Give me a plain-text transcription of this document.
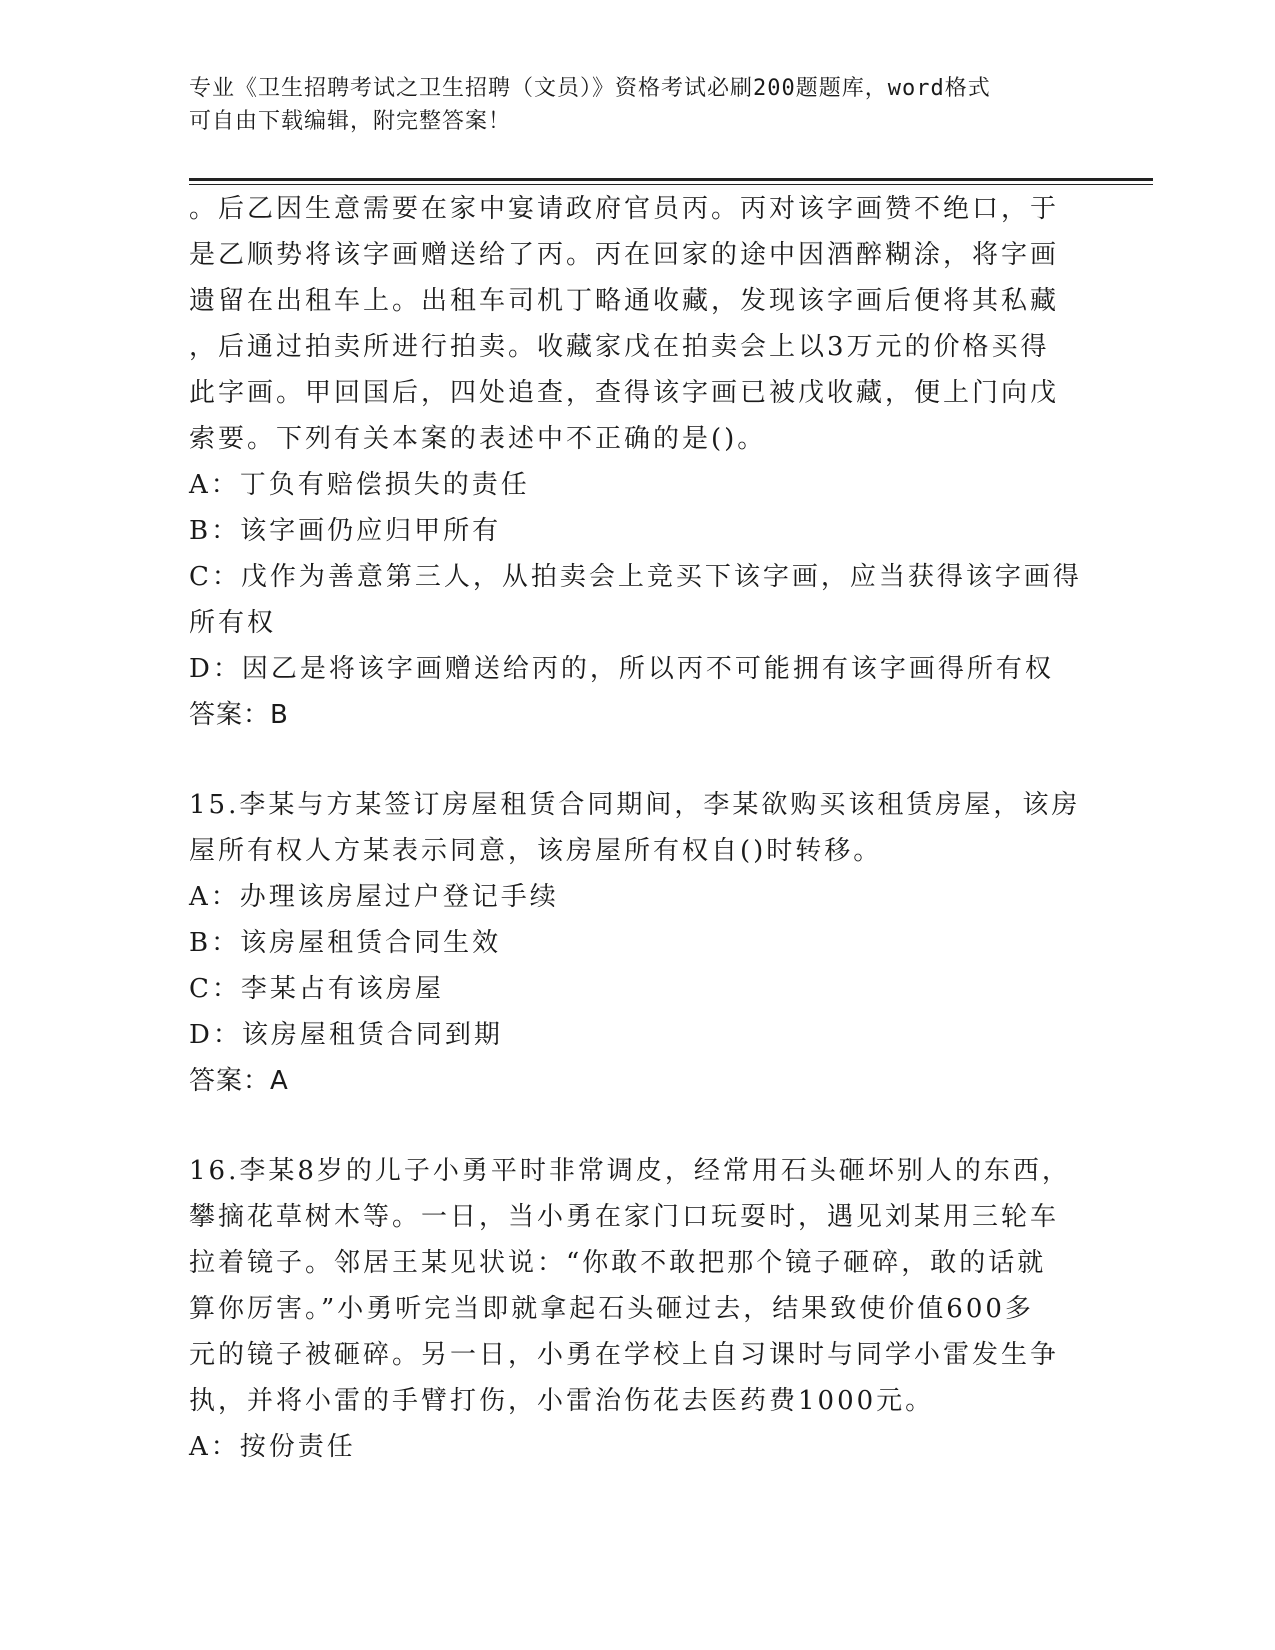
专业《卫生招聘考试之卫生招聘（文员）》资格考试必刷200题题库，word格式
可自由下载编辑，附完整答案！
。后乙因生意需要在家中宴请政府官员丙。丙对该字画赞不绝口，于
是乙顺势将该字画赠送给了丙。丙在回家的途中因酒醉糊涂，将字画
遗留在出租车上。出租车司机丁略通收藏，发现该字画后便将其私藏
，后通过拍卖所进行拍卖。收藏家戊在拍卖会上以3万元的价格买得
此字画。甲回国后，四处追查，查得该字画已被戊收藏，便上门向戊
索要。下列有关本案的表述中不正确的是()。
A：丁负有赔偿损失的责任
B：该字画仍应归甲所有
C：戊作为善意第三人，从拍卖会上竞买下该字画，应当获得该字画得
所有权
D：因乙是将该字画赠送给丙的，所以丙不可能拥有该字画得所有权
答案：B
15.李某与方某签订房屋租赁合同期间，李某欲购买该租赁房屋，该房
屋所有权人方某表示同意，该房屋所有权自()时转移。
A：办理该房屋过户登记手续
B：该房屋租赁合同生效
C：李某占有该房屋
D：该房屋租赁合同到期
答案：A
16.李某8岁的儿子小勇平时非常调皮，经常用石头砸坏别人的东西，
攀摘花草树木等。一日，当小勇在家门口玩耍时，遇见刘某用三轮车
拉着镜子。邻居王某见状说：“你敢不敢把那个镜子砸碎，敢的话就
算你厉害。”小勇听完当即就拿起石头砸过去，结果致使价值600多
元的镜子被砸碎。另一日，小勇在学校上自习课时与同学小雷发生争
执，并将小雷的手臂打伤，小雷治伤花去医药费1000元。
A：按份责任
